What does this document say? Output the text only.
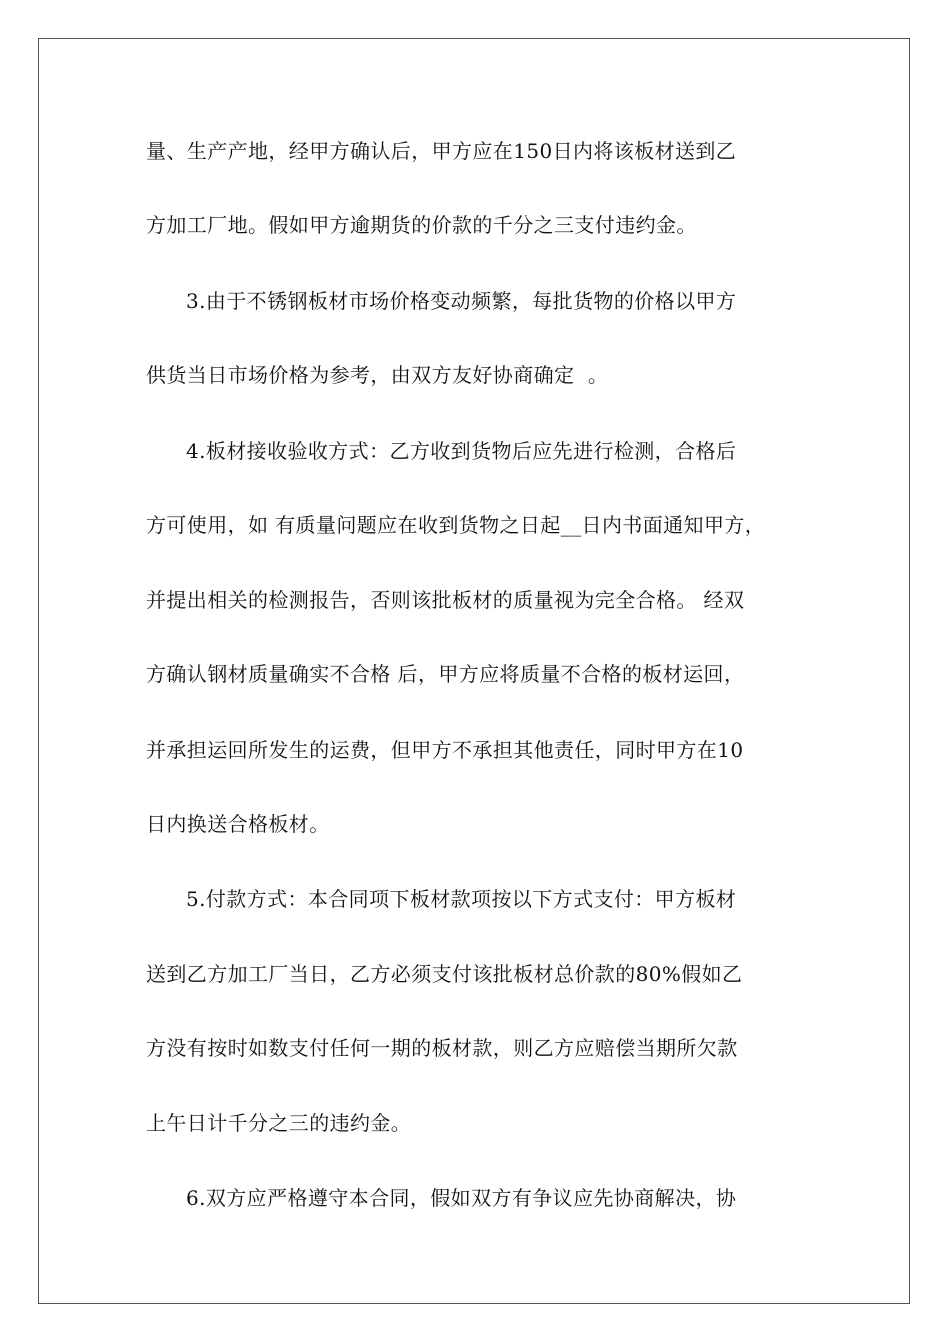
量、生产产地，经甲方确认后，甲方应在150日内将该板材送到乙
方加工厂地。假如甲方逾期货的价款的千分之三支付违约金。
3.由于不锈钢板材市场价格变动频繁，每批货物的价格以甲方
供货当日市场价格为参考，由双方友好协商确定  。
4.板材接收验收方式：乙方收到货物后应先进行检测，合格后
方可使用，如 有质量问题应在收到货物之日起__日内书面通知甲方，
并提出相关的检测报告，否则该批板材的质量视为完全合格。 经双
方确认钢材质量确实不合格 后，甲方应将质量不合格的板材运回，
并承担运回所发生的运费，但甲方不承担其他责任，同时甲方在10
日内换送合格板材。
5.付款方式：本合同项下板材款项按以下方式支付：甲方板材
送到乙方加工厂当日，乙方必须支付该批板材总价款的80%假如乙
方没有按时如数支付任何一期的板材款，则乙方应赔偿当期所欠款
上午日计千分之三的违约金。
6.双方应严格遵守本合同，假如双方有争议应先协商解决，协
